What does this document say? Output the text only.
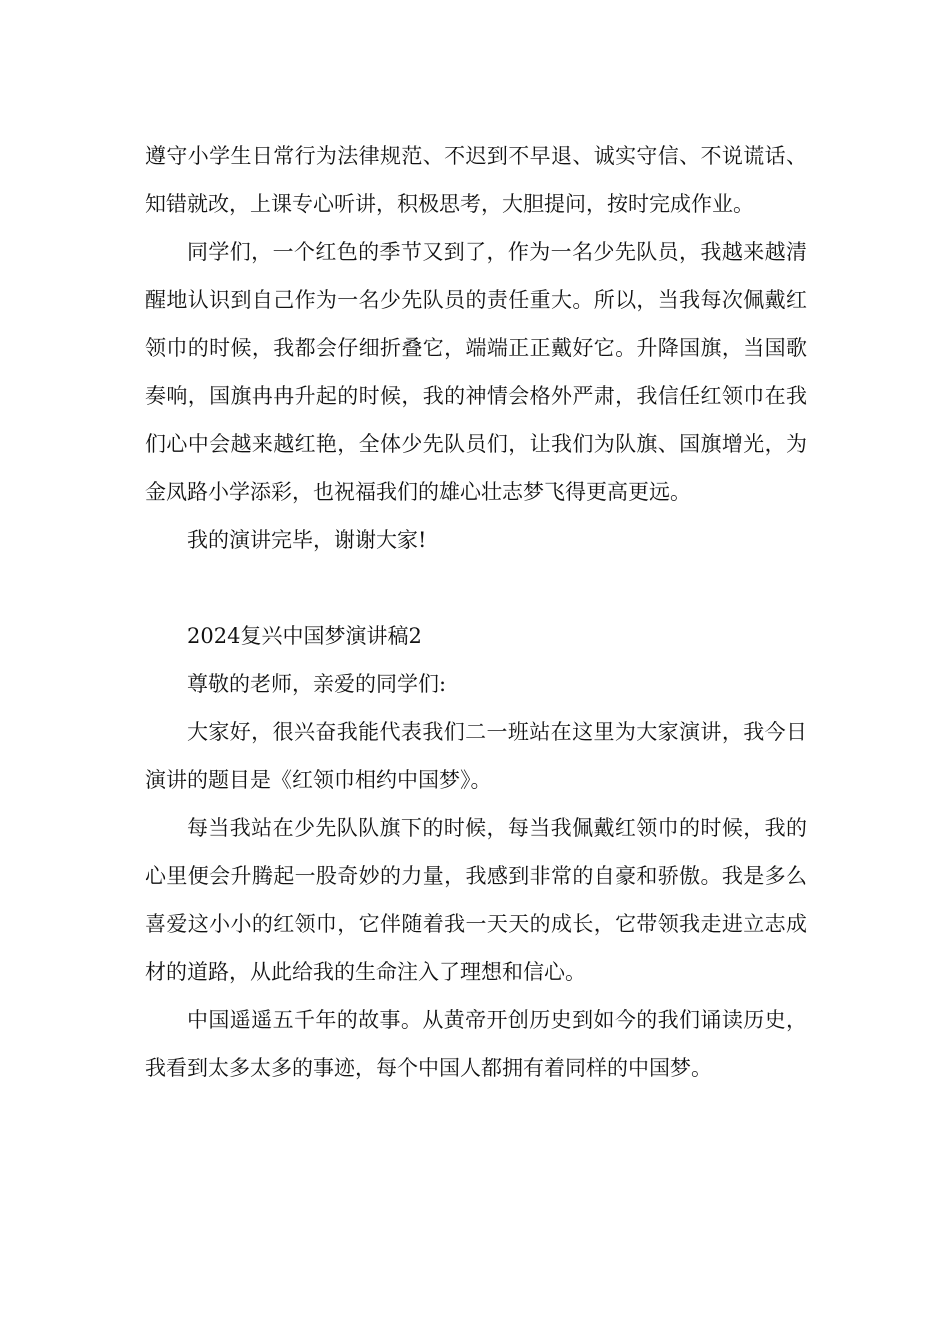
遵守小学生日常行为法律规范、不迟到不早退、诚实守信、不说谎话、知错就改，上课专心听讲，积极思考，大胆提问，按时完成作业。

同学们，一个红色的季节又到了，作为一名少先队员，我越来越清醒地认识到自己作为一名少先队员的责任重大。所以，当我每次佩戴红领巾的时候，我都会仔细折叠它，端端正正戴好它。升降国旗，当国歌奏响，国旗冉冉升起的时候，我的神情会格外严肃，我信任红领巾在我们心中会越来越红艳，全体少先队员们，让我们为队旗、国旗增光，为金凤路小学添彩，也祝福我们的雄心壮志梦飞得更高更远。

我的演讲完毕，谢谢大家!

2024复兴中国梦演讲稿2

尊敬的老师，亲爱的同学们:

大家好，很兴奋我能代表我们二一班站在这里为大家演讲，我今日演讲的题目是《红领巾相约中国梦》。

每当我站在少先队队旗下的时候，每当我佩戴红领巾的时候，我的心里便会升腾起一股奇妙的力量，我感到非常的自豪和骄傲。我是多么喜爱这小小的红领巾，它伴随着我一天天的成长，它带领我走进立志成材的道路，从此给我的生命注入了理想和信心。

中国遥遥五千年的故事。从黄帝开创历史到如今的我们诵读历史，我看到太多太多的事迹，每个中国人都拥有着同样的中国梦。
